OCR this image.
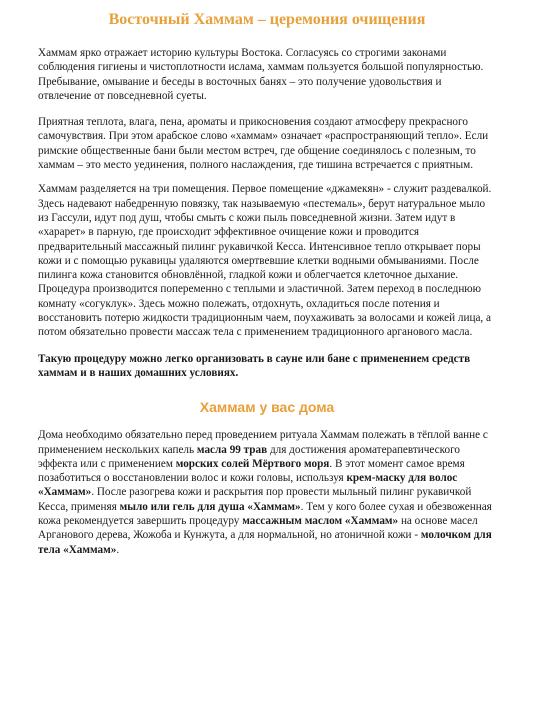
Восточный Хаммам – церемония очищения

Хаммам ярко отражает историю культуры Востока. Согласуясь со строгими законами соблюдения гигиены и чистоплотности ислама, хаммам пользуется большой популярностью. Пребывание, омывание и беседы в восточных банях – это получение удовольствия и отвлечение от повседневной суеты.

Приятная теплота, влага, пена, ароматы и прикосновения создают атмосферу прекрасного самочувствия. При этом арабское слово «хаммам» означает «распространяющий тепло». Если римские общественные бани были местом встреч, где общение соединялось с полезным, то хаммам – это место уединения, полного наслаждения, где тишина встречается с приятным.

Хаммам разделяется на три помещения. Первое помещение «джамекян» - служит раздевалкой. Здесь надевают набедренную повязку, так называемую «пестемаль», берут натуральное мыло из Гассули, идут под душ, чтобы смыть с кожи пыль повседневной жизни. Затем идут в «харарет» в парную, где происходит эффективное очищение кожи и проводится предварительный массажный пилинг рукавичкой Кесса. Интенсивное тепло открывает поры кожи и с помощью рукавицы удаляются омертвевшие клетки водными обмываниями. После пилинга кожа становится обновлённой, гладкой кожи и облегчается клеточное дыхание. Процедура производится попеременно с теплыми и эластичной. Затем переход в последнюю комнату «согуклук». Здесь можно полежать, отдохнуть, охладиться после потения и восстановить потерю жидкости традиционным чаем, поухаживать за волосами и кожей лица, а потом обязательно провести массаж тела с применением традиционного арганового масла.

Такую процедуру можно легко организовать в сауне или бане с применением средств хаммам и в наших домашних условиях.

Хаммам у вас дома

Дома необходимо обязательно перед проведением ритуала Хаммам полежать в тёплой ванне с применением нескольких капель масла 99 трав для достижения ароматерапевтического эффекта или с применением морских солей Мёртвого моря. В этот момент самое время позаботиться о восстановлении волос и кожи головы, используя крем-маску для волос «Хаммам». После разогрева кожи и раскрытия пор провести мыльный пилинг рукавичкой Кесса, применяя мыло или гель для душа «Хаммам». Тем у кого более сухая и обезвоженная кожа рекомендуется завершить процедуру массажным маслом «Хаммам» на основе масел Арганового дерева, Жожоба и Кунжута, а для нормальной, но атоничной кожи - молочком для тела «Хаммам».
